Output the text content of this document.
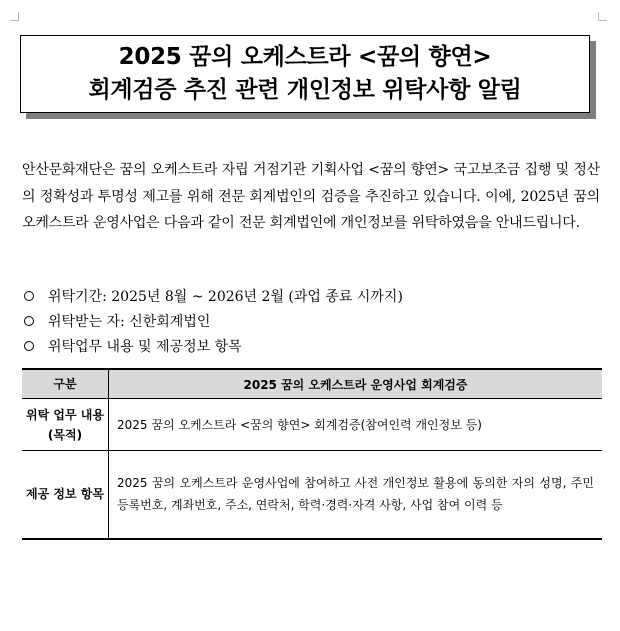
2025 꿈의 오케스트라 <꿈의 향연>
회계검증 추진 관련 개인정보 위탁사항 알림
안산문화재단은 꿈의 오케스트라 자립 거점기관 기획사업 <꿈의 향연> 국고보조금 집행 및 정산의 정확성과 투명성 제고를 위해 전문 회계법인의 검증을 추진하고 있습니다. 이에, 2025년 꿈의 오케스트라 운영사업은 다음과 같이 전문 회계법인에 개인정보를 위탁하였음을 안내드립니다.
위탁기간: 2025년 8월 ~ 2026년 2월 (과업 종료 시까지)
위탁받는 자: 신한회계법인
위탁업무 내용 및 제공정보 항목
구분	2025 꿈의 오케스트라 운영사업 회계검증
위탁 업무 내용(목적)	2025 꿈의 오케스트라 <꿈의 향연> 회계검증(참여인력 개인정보 등)
제공 정보 항목	2025 꿈의 오케스트라 운영사업에 참여하고 사전 개인정보 활용에 동의한 자의 성명, 주민등록번호, 계좌번호, 주소, 연락처, 학력·경력·자격 사항, 사업 참여 이력 등
